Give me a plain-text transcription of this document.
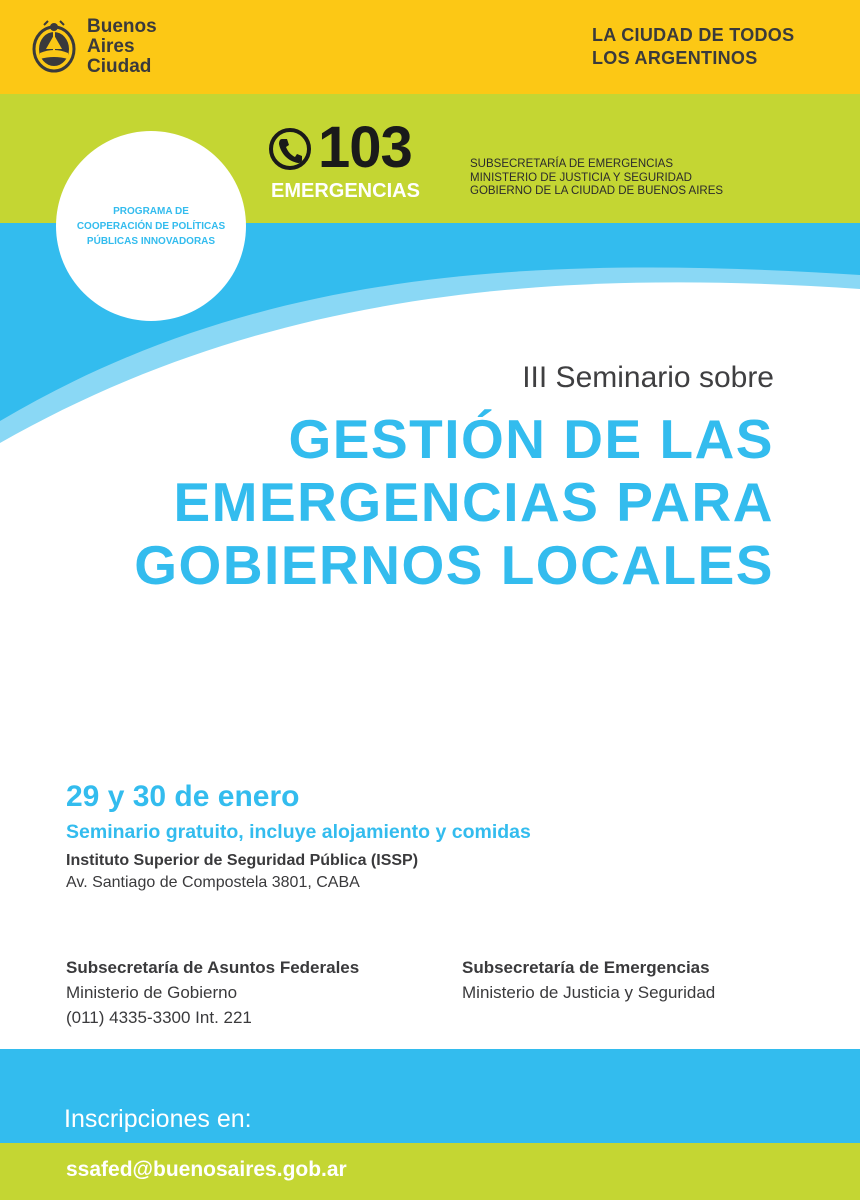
Buenos
Aires
Ciudad
LA CIUDAD DE TODOS
LOS ARGENTINOS
PROGRAMA DE
COOPERACIÓN DE POLÍTICAS
PÚBLICAS INNOVADORAS
103
EMERGENCIAS
SUBSECRETARÍA DE EMERGENCIAS
MINISTERIO DE JUSTICIA Y SEGURIDAD
GOBIERNO DE LA CIUDAD DE BUENOS AIRES
III Seminario sobre
GESTIÓN DE LAS
EMERGENCIAS PARA
GOBIERNOS LOCALES
29 y 30 de enero
Seminario gratuito, incluye alojamiento y comidas
Instituto Superior de Seguridad Pública (ISSP)
Av. Santiago de Compostela 3801, CABA
Subsecretaría de Asuntos Federales
Ministerio de Gobierno
(011) 4335-3300 Int. 221
Subsecretaría de Emergencias
Ministerio de Justicia y Seguridad
Inscripciones en:
ssafed@buenosaires.gob.ar
